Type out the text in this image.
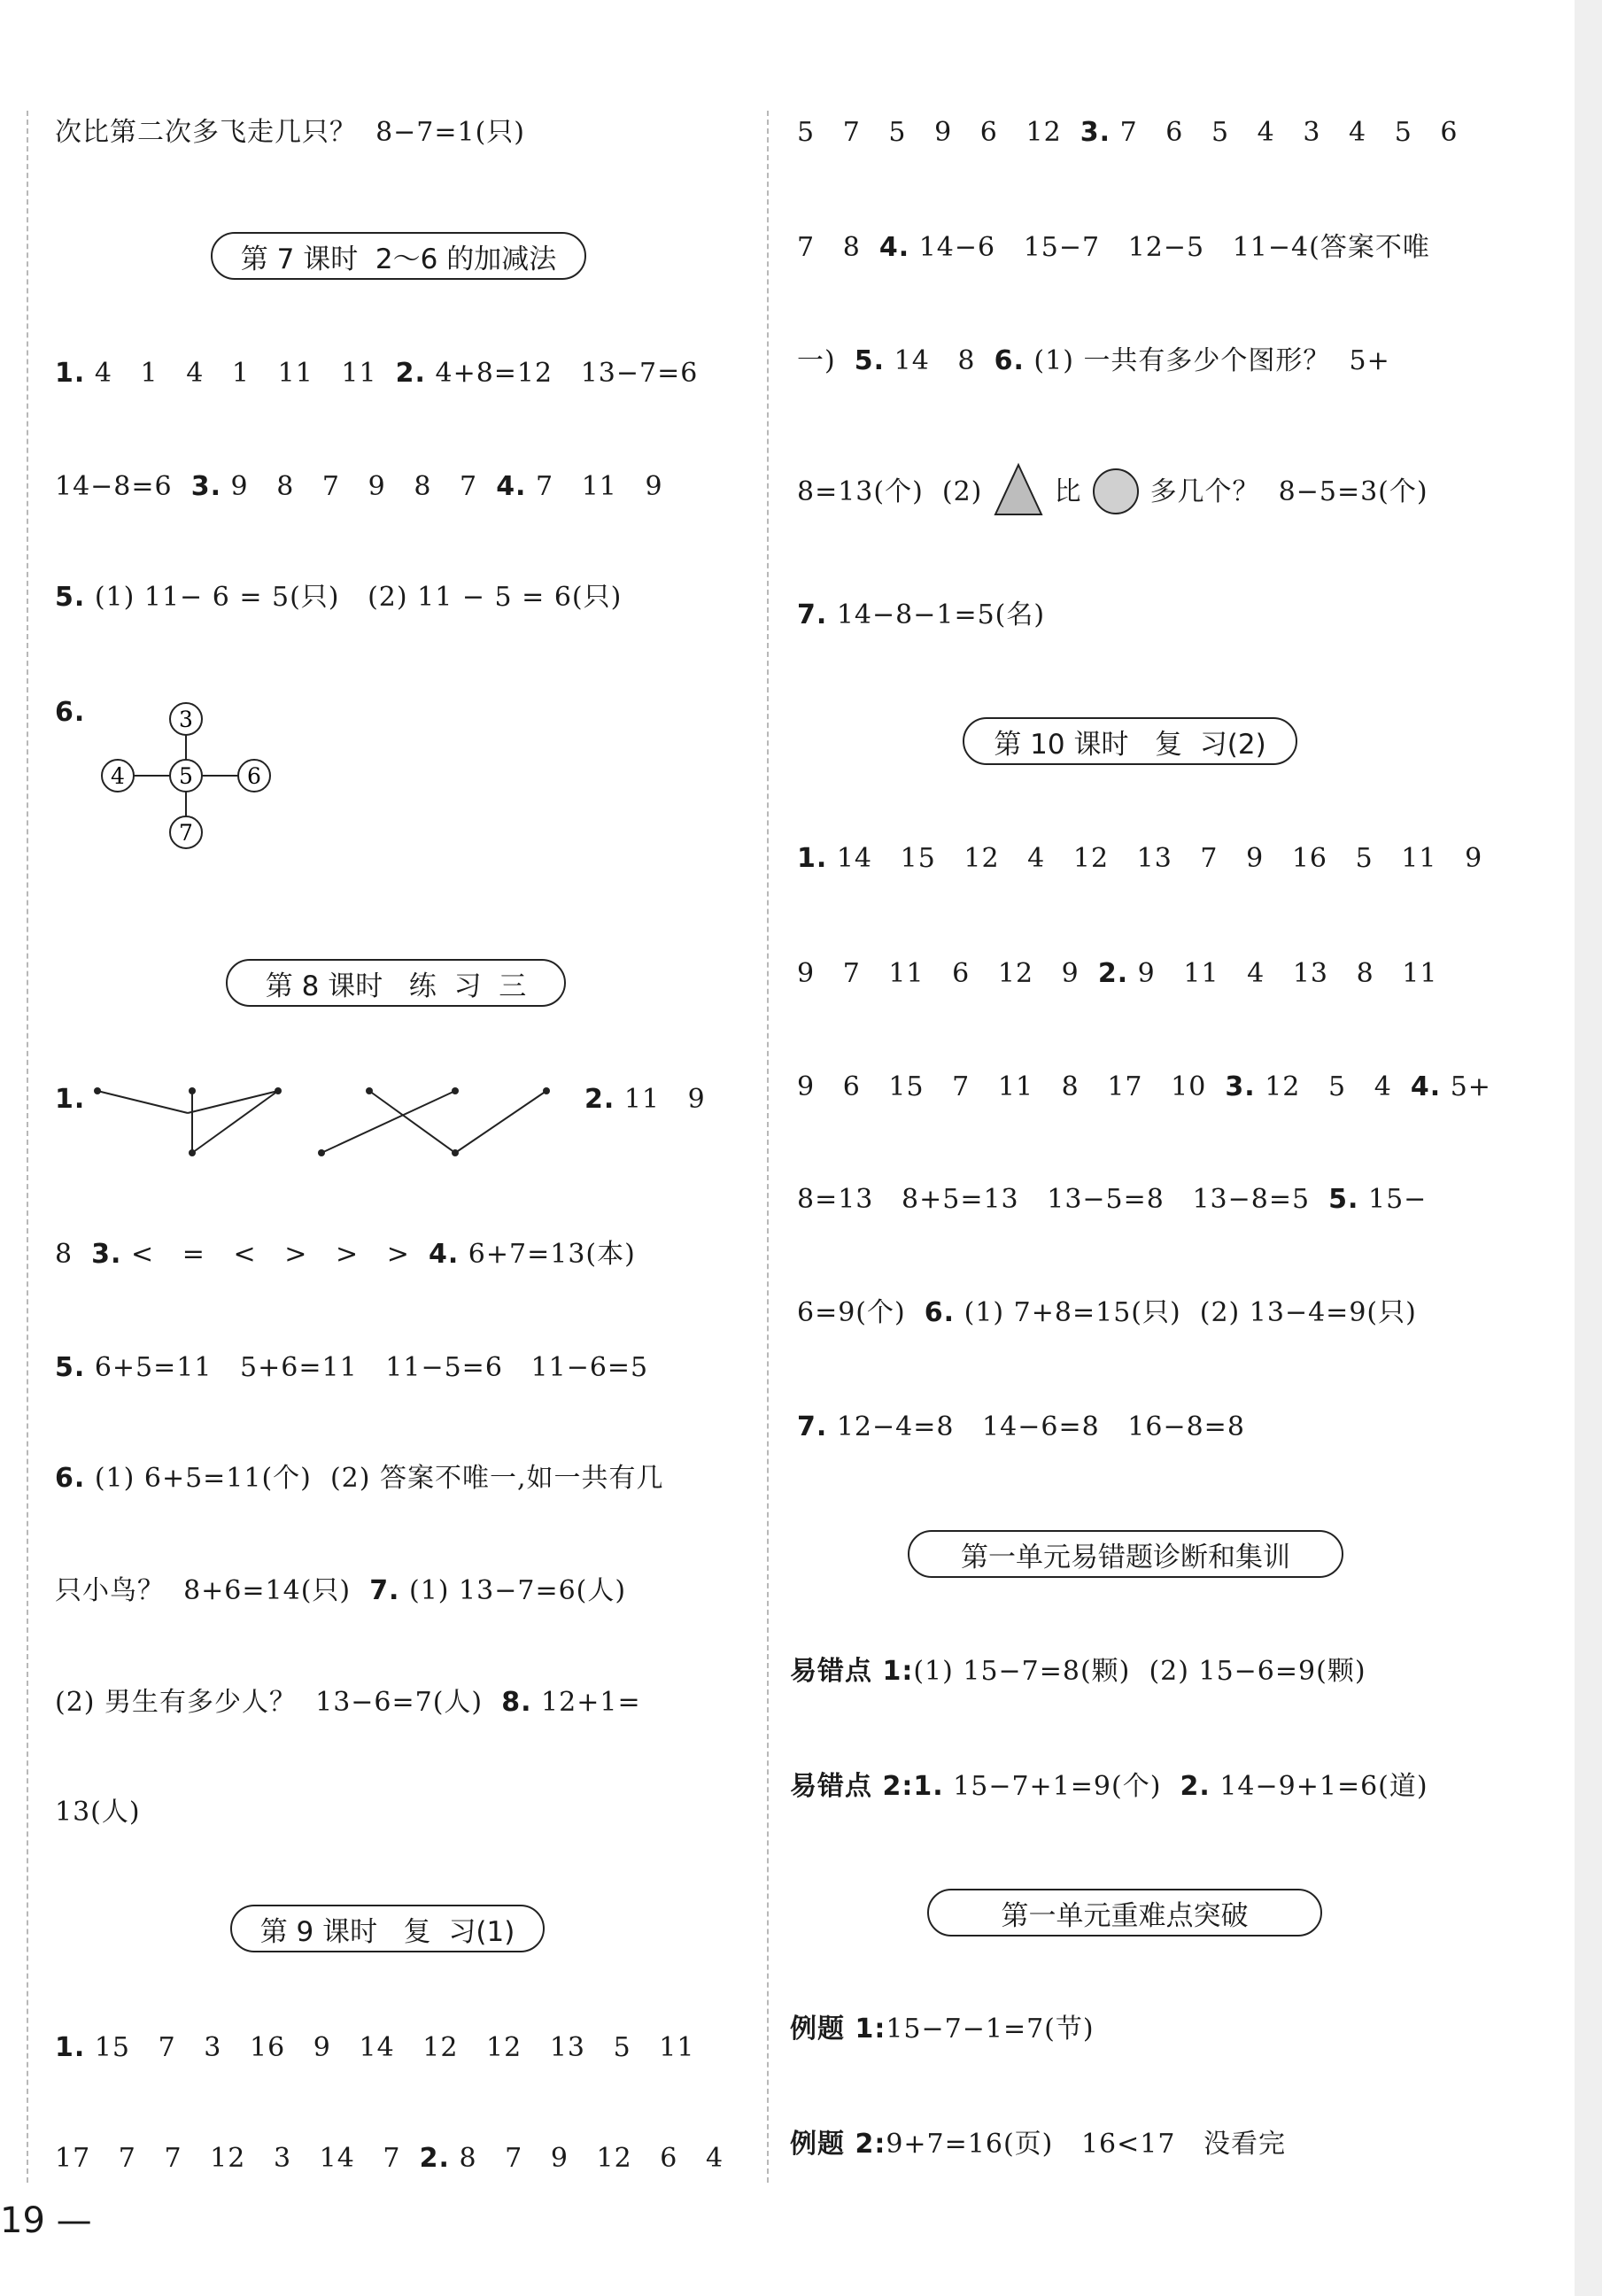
次比第二次多飞走几只？  8−7=1(只)
第 7 课时  2～6 的加减法
1. 4   1   4   1   11   11 2. 4+8=12   13−7=6
14−8=6 3. 9   8   7   9   8   7 4. 7   11   9
5. (1) 11− 6 = 5(只)   (2) 11 − 5 = 6(只)
6.	3
4 5 6
7
第 8 课时   练  习  三
1.	2. 11   9
8 3. <   =   <   >   >   > 4. 6+7=13(本)
5. 6+5=11   5+6=11   11−5=6   11−6=5
6. (1) 6+5=11(个)  (2) 答案不唯一,如一共有几
只小鸟？  8+6=14(只) 7. (1) 13−7=6(人)
(2) 男生有多少人？  13−6=7(人) 8. 12+1=
13(人)
第 9 课时   复  习(1)
1. 15   7   3   16   9   14   12   12   13   5   11
17   7   7   12   3   14   7 2. 8   7   9   12   6   4
19 —
5   7   5   9   6   12 3. 7   6   5   4   3   4   5   6
7   8 4. 14−6   15−7   12−5   11−4(答案不唯
一) 5. 14   8 6. (1) 一共有多少个图形？  5+
8=13(个)  (2)	比	多几个？  8−5=3(个)
7. 14−8−1=5(名)
第 10 课时   复  习(2)
1. 14   15   12   4   12   13   7   9   16   5   11   9
9   7   11   6   12   9 2. 9   11   4   13   8   11
9   6   15   7   11   8   17   10 3. 12   5   4 4. 5+
8=13   8+5=13   13−5=8   13−8=5 5. 15−
6=9(个) 6. (1) 7+8=15(只)  (2) 13−4=9(只)
7. 12−4=8   14−6=8   16−8=8
第一单元易错题诊断和集训
易错点 1:(1) 15−7=8(颗)  (2) 15−6=9(颗)
易错点 2:1. 15−7+1=9(个) 2. 14−9+1=6(道)
第一单元重难点突破
例题 1:15−7−1=7(节)
例题 2:9+7=16(页)   16<17   没看完
